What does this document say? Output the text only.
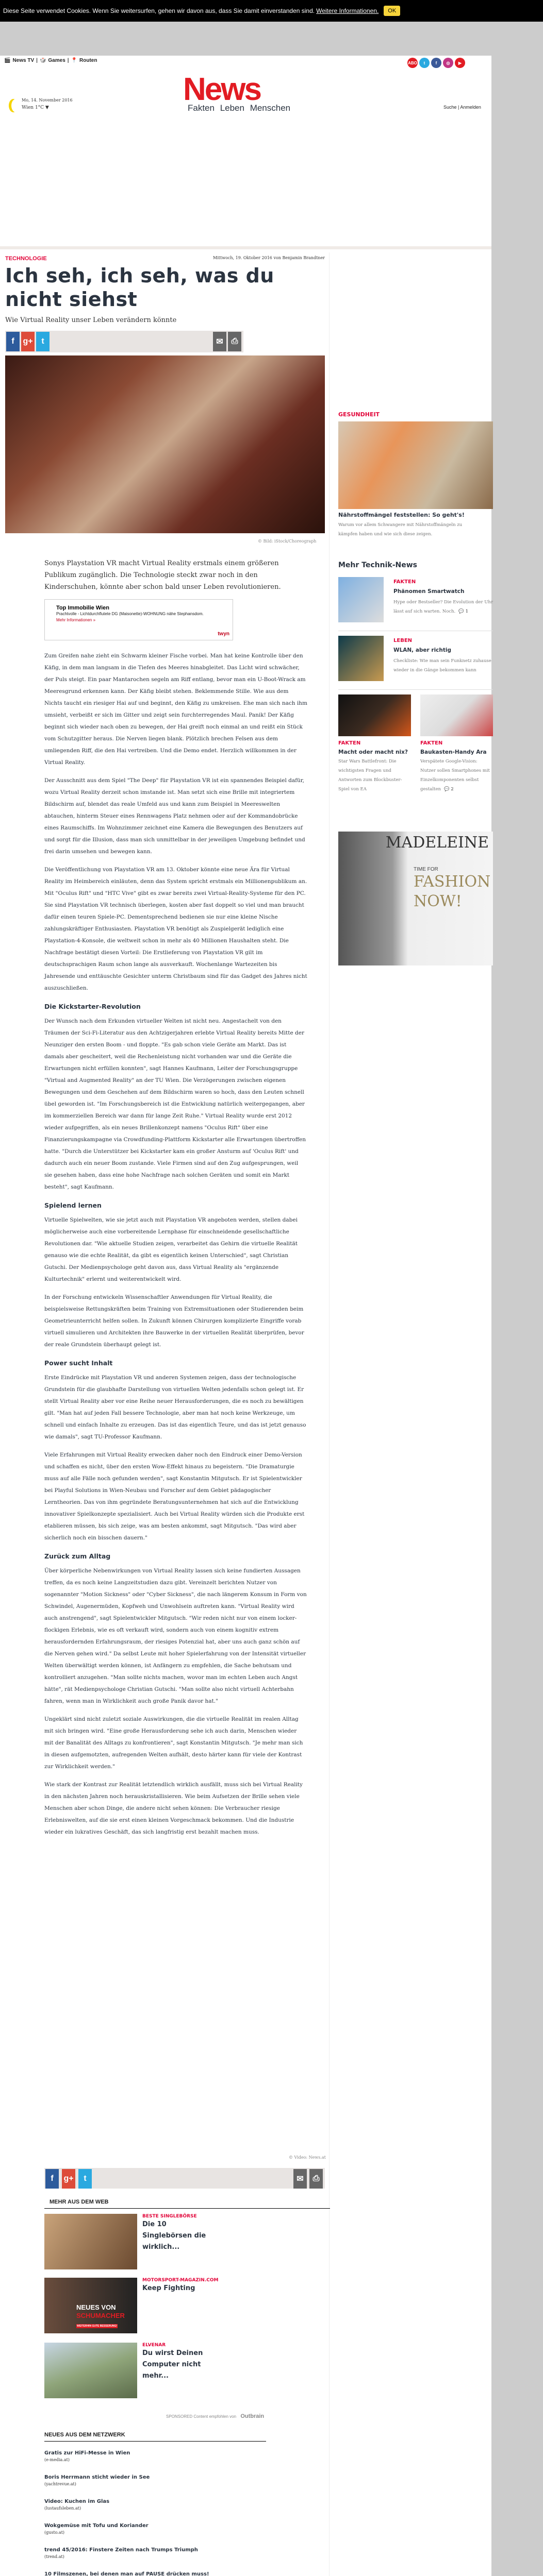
Diese Seite verwendet Cookies. Wenn Sie weitersurfen, gehen wir davon aus, dass Sie damit einverstanden sind. Weitere Informationen.	OK
🎬 News TV | 🎲 Games | 📍 Routen	ABO	t	f	◎	▶
News
Fakten Leben Menschen
Mo, 14. November 2016
Wien 1°C ▼	Suche | Anmelden
TECHNOLOGIE	Mittwoch, 19. Oktober 2016 von Benjamin Brandtner
Ich seh, ich seh, was du nicht siehst
Wie Virtual Reality unser Leben verändern könnte
f	g+	t	✉ ⎙
© Bild: iStock/Choreograph
Sonys Playstation VR macht Virtual Reality erstmals einem größeren Publikum zugänglich. Die Technologie steckt zwar noch in den Kinderschuhen, könnte aber schon bald unser Leben revolutionieren.
Top Immobilie Wien
Prachtvolle - Lichtdurchflutete DG (Maisonette)-WOHNUNG nähe Stephansdom.
Mehr Informationen »
twyn

Zum Greifen nahe zieht ein Schwarm kleiner Fische vorbei. Man hat keine Kontrolle über den Käfig, in dem man langsam in die Tiefen des Meeres hinabgleitet. Das Licht wird schwächer, der Puls steigt. Ein paar Mantarochen segeln am Riff entlang, bevor man ein U-Boot-Wrack am Meeresgrund erkennen kann. Der Käfig bleibt stehen. Beklemmende Stille. Wie aus dem Nichts taucht ein riesiger Hai auf und beginnt, den Käfig zu umkreisen. Ehe man sich nach ihm umsieht, verbeißt er sich im Gitter und zeigt sein furchterregendes Maul. Panik! Der Käfig beginnt sich wieder nach oben zu bewegen, der Hai greift noch einmal an und reißt ein Stück vom Schutzgitter heraus. Die Nerven liegen blank. Plötzlich brechen Felsen aus dem umliegenden Riff, die den Hai vertreiben. Und die Demo endet. Herzlich willkommen in der Virtual Reality.

Der Ausschnitt aus dem Spiel "The Deep" für Playstation VR ist ein spannendes Beispiel dafür, wozu Virtual Reality derzeit schon imstande ist. Man setzt sich eine Brille mit integriertem Bildschirm auf, blendet das reale Umfeld aus und kann zum Beispiel in Meereswelten abtauchen, hinterm Steuer eines Rennwagens Platz nehmen oder auf der Kommandobrücke eines Raumschiffs. Im Wohnzimmer zeichnet eine Kamera die Bewegungen des Benutzers auf und sorgt für die Illusion, dass man sich unmittelbar in der jeweiligen Umgebung befindet und frei darin umsehen und bewegen kann.

Die Veröffentlichung von Playstation VR am 13. Oktober könnte eine neue Ära für Virtual Reality im Heimbereich einläuten, denn das System spricht erstmals ein Millionenpublikum an. Mit "Oculus Rift" und "HTC Vive" gibt es zwar bereits zwei Virtual-Reality-Systeme für den PC. Sie sind Playstation VR technisch überlegen, kosten aber fast doppelt so viel und man braucht dafür einen teuren Spiele-PC. Dementsprechend bedienen sie nur eine kleine Nische zahlungskräftiger Enthusiasten. Playstation VR benötigt als Zuspielgerät lediglich eine Playstation-4-Konsole, die weltweit schon in mehr als 40 Millionen Haushalten steht. Die Nachfrage bestätigt diesen Vorteil: Die Erstlieferung von Playstation VR gilt im deutschsprachigen Raum schon lange als ausverkauft. Wochenlange Wartezeiten bis Jahresende und enttäuschte Gesichter unterm Christbaum sind für das Gadget des Jahres nicht auszuschließen.

Die Kickstarter-Revolution

Der Wunsch nach dem Erkunden virtueller Welten ist nicht neu. Angestachelt von den Träumen der Sci-Fi-Literatur aus den Achtzigerjahren erlebte Virtual Reality bereits Mitte der Neunziger den ersten Boom - und floppte. "Es gab schon viele Geräte am Markt. Das ist damals aber gescheitert, weil die Rechenleistung nicht vorhanden war und die Geräte die Erwartungen nicht erfüllen konnten", sagt Hannes Kaufmann, Leiter der Forschungsgruppe "Virtual and Augmented Reality" an der TU Wien. Die Verzögerungen zwischen eigenen Bewegungen und dem Geschehen auf dem Bildschirm waren so hoch, dass den Leuten schnell übel geworden ist. "Im Forschungsbereich ist die Entwicklung natürlich weitergegangen, aber im kommerziellen Bereich war dann für lange Zeit Ruhe." Virtual Reality wurde erst 2012 wieder aufgegriffen, als ein neues Brillenkonzept namens "Oculus Rift" über eine Finanzierungskampagne via Crowdfunding-Plattform Kickstarter alle Erwartungen übertroffen hatte. "Durch die Unterstützer bei Kickstarter kam ein großer Ansturm auf 'Oculus Rift' und dadurch auch ein neuer Boom zustande. Viele Firmen sind auf den Zug aufgesprungen, weil sie gesehen haben, dass eine hohe Nachfrage nach solchen Geräten und somit ein Markt besteht", sagt Kaufmann.

Spielend lernen

Virtuelle Spielwelten, wie sie jetzt auch mit Playstation VR angeboten werden, stellen dabei möglicherweise auch eine vorbereitende Lernphase für einschneidende gesellschaftliche Revolutionen dar. "Wie aktuelle Studien zeigen, verarbeitet das Gehirn die virtuelle Realität genauso wie die echte Realität, da gibt es eigentlich keinen Unterschied", sagt Christian Gutschi. Der Medienpsychologe geht davon aus, dass Virtual Reality als "ergänzende Kulturtechnik" erlernt und weiterentwickelt wird.

In der Forschung entwickeln Wissenschaftler Anwendungen für Virtual Reality, die beispielsweise Rettungskräften beim Training von Extremsituationen oder Studierenden beim Geometrieunterricht helfen sollen. In Zukunft können Chirurgen komplizierte Eingriffe vorab virtuell simulieren und Architekten ihre Bauwerke in der virtuellen Realität überprüfen, bevor der reale Grundstein überhaupt gelegt ist.

Power sucht Inhalt

Erste Eindrücke mit Playstation VR und anderen Systemen zeigen, dass der technologische Grundstein für die glaubhafte Darstellung von virtuellen Welten jedenfalls schon gelegt ist. Er stellt Virtual Reality aber vor eine Reihe neuer Herausforderungen, die es noch zu bewältigen gilt. "Man hat auf jeden Fall bessere Technologie, aber man hat noch keine Werkzeuge, um schnell und einfach Inhalte zu erzeugen. Das ist das eigentlich Teure, und das ist jetzt genauso wie damals", sagt TU-Professor Kaufmann.

Viele Erfahrungen mit Virtual Reality erwecken daher noch den Eindruck einer Demo-Version und schaffen es nicht, über den ersten Wow-Effekt hinaus zu begeistern. "Die Dramaturgie muss auf alle Fälle noch gefunden werden", sagt Konstantin Mitgutsch. Er ist Spielentwickler bei Playful Solutions in Wien-Neubau und Forscher auf dem Gebiet pädagogischer Lerntheorien. Das von ihm gegründete Beratungsunternehmen hat sich auf die Entwicklung innovativer Spielkonzepte spezialisiert. Auch bei Virtual Reality würden sich die Produkte erst etablieren müssen, bis sich zeige, was am besten ankommt, sagt Mitgutsch. "Das wird aber sicherlich noch ein bisschen dauern."

Zurück zum Alltag

Über körperliche Nebenwirkungen von Virtual Reality lassen sich keine fundierten Aussagen treffen, da es noch keine Langzeitstudien dazu gibt. Vereinzelt berichten Nutzer von sogenannter "Motion Sickness" oder "Cyber Sickness", die nach längerem Konsum in Form von Schwindel, Augenermüden, Kopfweh und Unwohlsein auftreten kann. "Virtual Reality wird auch anstrengend", sagt Spielentwickler Mitgutsch. "Wir reden nicht nur von einem locker-flockigen Erlebnis, wie es oft verkauft wird, sondern auch von einem kognitiv extrem herausfordernden Erfahrungsraum, der riesiges Potenzial hat, aber uns auch ganz schön auf die Nerven gehen wird." Da selbst Leute mit hoher Spielerfahrung von der Intensität virtueller Welten überwältigt werden können, ist Anfängern zu empfehlen, die Sache behutsam und kontrolliert anzugehen. "Man sollte nichts machen, wovor man im echten Leben auch Angst hätte", rät Medienpsychologe Christian Gutschi. "Man sollte also nicht virtuell Achterbahn fahren, wenn man in Wirklichkeit auch große Panik davor hat."

Ungeklärt sind nicht zuletzt soziale Auswirkungen, die die virtuelle Realität im realen Alltag mit sich bringen wird. "Eine große Herausforderung sehe ich auch darin, Menschen wieder mit der Banalität des Alltags zu konfrontieren", sagt Konstantin Mitgutsch. "Je mehr man sich in diesen aufgemotzten, aufregenden Welten aufhält, desto härter kann für viele der Kontrast zur Wirklichkeit werden."

Wie stark der Kontrast zur Realität letztendlich wirklich ausfällt, muss sich bei Virtual Reality in den nächsten Jahren noch herauskristallisieren. Wie beim Aufsetzen der Brille sehen viele Menschen aber schon Dinge, die andere nicht sehen können: Die Verbraucher riesige Erlebniswelten, auf die sie erst einen kleinen Vorgeschmack bekommen. Und die Industrie wieder ein lukratives Geschäft, das sich langfristig erst bezahlt machen muss.

© Video: News.at
f	g+	t	✉	⎙
MEHR AUS DEM WEB
BESTE SINGLEBÖRSE
Die 10 Singlebörsen die wirklich...
NEUES VON
SCHUMACHER
WEITERHIN GUTE BESSERUNG!
MOTORSPORT-MAGAZIN.COM
Keep Fighting
ELVENAR
Du wirst Deinen Computer nicht mehr...
SPONSORED Content empfohlen von Outbrain
NEUES AUS DEM NETZWERK
Gratis zur HiFi-Messe in Wien
(e-media.at)
Boris Herrmann sticht wieder in See
(yachtrevue.at)
Video: Kuchen im Glas
(lustaufsleben.at)
Wokgemüse mit Tofu und Koriander
(gusto.at)
trend 45/2016: Finstere Zeiten nach Trumps Triumph
(trend.at)
10 Filmszenen, bei denen man auf PAUSE drücken muss!
GESUNDHEIT
Nährstoffmängel feststellen: So geht's!
Warum vor allem Schwangere mit Nährstoffmängeln zu kämpfen haben und wie sich diese zeigen.
Mehr Technik-News
FAKTEN
Phänomen Smartwatch
Hype oder Bestseller? Die Evolution der Uhr lässt auf sich warten. Noch. 💬 1
LEBEN
WLAN, aber richtig
Checkliste: Wie man sein Funknetz zuhause wieder in die Gänge bekommen kann
FAKTEN
Macht oder macht nix?
Star Wars Battlefront: Die wichtigsten Fragen und Antworten zum Blockbuster-Spiel von EA
FAKTEN
Baukasten-Handy Ara
Verspätete Google-Vision: Nutzer sollen Smartphones mit Einzelkomponenten selbst gestalten 💬 2
MADELEINE
TIME FOR
FASHION
NOW!
